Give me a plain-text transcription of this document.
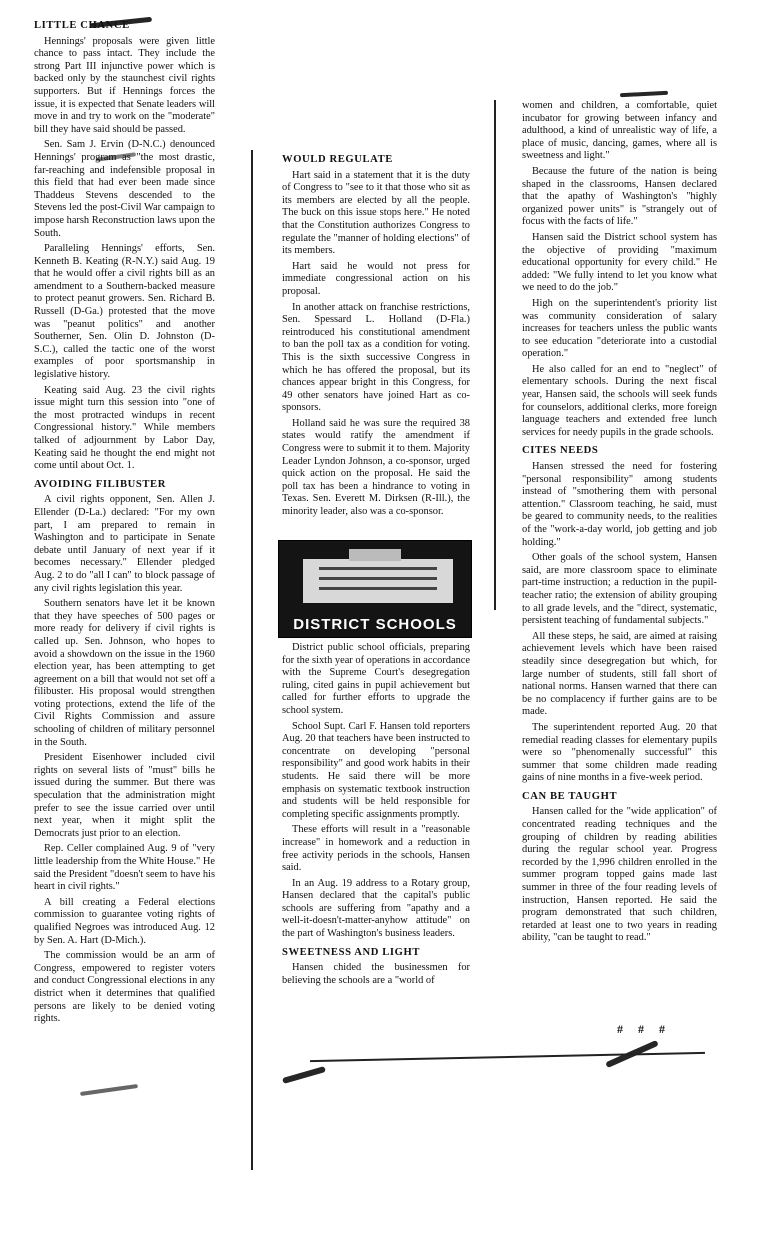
LITTLE CHANCE

Hennings' proposals were given little chance to pass intact. They include the strong Part III injunctive power which is backed only by the staunchest civil rights supporters. But if Hennings forces the issue, it is expected that Senate leaders will move in and try to work on the "moderate" bill they have said should be passed.

Sen. Sam J. Ervin (D-N.C.) denounced Hennings' program as "the most drastic, far-reaching and indefensible proposal in this field that had ever been made since Thaddeus Stevens descended to the Stevens led the post-Civil War campaign to impose harsh Reconstruction laws upon the South.

Paralleling Hennings' efforts, Sen. Kenneth B. Keating (R-N.Y.) said Aug. 19 that he would offer a civil rights bill as an amendment to a Southern-backed measure to protect peanut growers. Sen. Richard B. Russell (D-Ga.) protested that the move was "peanut politics" and another Southerner, Sen. Olin D. Johnston (D-S.C.), called the tactic one of the worst examples of poor sportsmanship in legislative history.

Keating said Aug. 23 the civil rights issue might turn this session into "one of the most protracted windups in recent Congressional history." While members talked of adjournment by Labor Day, Keating said he thought the end might not come until about Oct. 1.

AVOIDING FILIBUSTER

A civil rights opponent, Sen. Allen J. Ellender (D-La.) declared: "For my own part, I am prepared to remain in Washington and to participate in Senate debate until January of next year if it becomes necessary." Ellender pledged Aug. 2 to do "all I can" to block passage of any civil rights legislation this year.

Southern senators have let it be known that they have speeches of 500 pages or more ready for delivery if civil rights is called up. Sen. Johnson, who hopes to avoid a showdown on the issue in the 1960 election year, has been attempting to get agreement on a bill that would not set off a filibuster. His proposal would strengthen voting protections, extend the life of the Civil Rights Commission and assure schooling of children of military personnel in the South.

President Eisenhower included civil rights on several lists of "must" bills he issued during the summer. But there was speculation that the administration might prefer to see the issue carried over until next year, when it might split the Democrats just prior to an election.

Rep. Celler complained Aug. 9 of "very little leadership from the White House." He said the President "doesn't seem to have his heart in civil rights."

A bill creating a Federal elections commission to guarantee voting rights of qualified Negroes was introduced Aug. 12 by Sen. A. Hart (D-Mich.).

The commission would be an arm of Congress, empowered to register voters and conduct Congressional elections in any district when it determines that qualified persons are likely to be denied voting rights.

WOULD REGULATE

Hart said in a statement that it is the duty of Congress to "see to it that those who sit as its members are elected by all the people. The buck on this issue stops here." He noted that the Constitution authorizes Congress to regulate the "manner of holding elections" of its members.

Hart said he would not press for immediate congressional action on his proposal.

In another attack on franchise restrictions, Sen. Spessard L. Holland (D-Fla.) reintroduced his constitutional amendment to ban the poll tax as a condition for voting. This is the sixth successive Congress in which he has offered the proposal, but its chances appear bright in this Congress, for 49 other senators have joined Hart as co-sponsors.

Holland said he was sure the required 38 states would ratify the amendment if Congress were to submit it to them. Majority Leader Lyndon Johnson, a co-sponsor, urged quick action on the proposal. He said the poll tax has been a hindrance to voting in Texas. Sen. Everett M. Dirksen (R-Ill.), the minority leader, also was a co-sponsor.

DISTRICT SCHOOLS

District public school officials, preparing for the sixth year of operations in accordance with the Supreme Court's desegregation ruling, cited gains in pupil achievement but called for further efforts to upgrade the school system.

School Supt. Carl F. Hansen told reporters Aug. 20 that teachers have been instructed to concentrate on developing "personal responsibility" and good work habits in their students. He said there will be more emphasis on systematic textbook instruction and students will be held responsible for completing specific assignments promptly.

These efforts will result in a "reasonable increase" in homework and a reduction in free activity periods in the schools, Hansen said.

In an Aug. 19 address to a Rotary group, Hansen declared that the capital's public schools are suffering from "apathy and a well-it-doesn't-matter-anyhow attitude" on the part of Washington's business leaders.

SWEETNESS AND LIGHT

Hansen chided the businessmen for believing the schools are a "world of

women and children, a comfortable, quiet incubator for growing between infancy and adulthood, a kind of unrealistic way of life, a place of music, dancing, games, where all is sweetness and light."

Because the future of the nation is being shaped in the classrooms, Hansen declared that the apathy of Washington's "highly organized power units" is "strangely out of focus with the facts of life."

Hansen said the District school system has the objective of providing "maximum educational opportunity for every child." He added: "We fully intend to let you know what we need to do the job."

High on the superintendent's priority list was community consideration of salary increases for teachers unless the public wants to see education "deteriorate into a custodial operation."

He also called for an end to "neglect" of elementary schools. During the next fiscal year, Hansen said, the schools will seek funds for counselors, additional clerks, more foreign language teachers and extended free lunch services for needy pupils in the grade schools.

CITES NEEDS

Hansen stressed the need for fostering "personal responsibility" among students instead of "smothering them with personal attention." Classroom teaching, he said, must be geared to community needs, to the realities of the "work-a-day world, job getting and job holding."

Other goals of the school system, Hansen said, are more classroom space to eliminate part-time instruction; a reduction in the pupil-teacher ratio; the extension of ability grouping to all grade levels, and the "direct, systematic, persistent teaching of fundamental subjects."

All these steps, he said, are aimed at raising achievement levels which have been raised steadily since desegregation but which, for large number of students, still fall short of national norms. Hansen warned that there can be no complacency if further gains are to be made.

The superintendent reported Aug. 20 that remedial reading classes for elementary pupils were so "phenomenally successful" this summer that some children made reading gains of nine months in a five-week period.

CAN BE TAUGHT

Hansen called for the "wide application" of concentrated reading techniques and the grouping of children by reading abilities during the regular school year. Progress recorded by the 1,996 children enrolled in the summer program topped gains made last summer in three of the four reading levels of instruction, Hansen reported. He said the program demonstrated that such children, retarded at least one to two years in reading ability, "can be taught to read."

# # #
